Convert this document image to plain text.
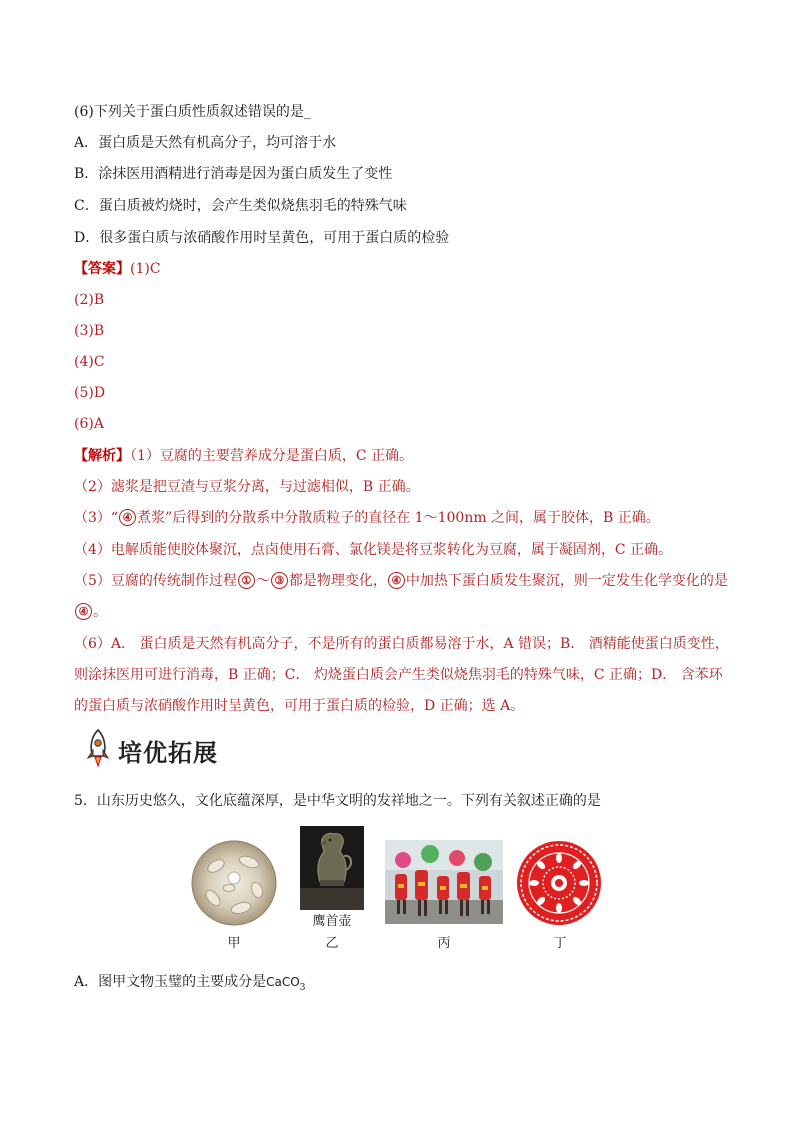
(6)下列关于蛋白质性质叙述错误的是_
A．蛋白质是天然有机高分子，均可溶于水
B．涂抹医用酒精进行消毒是因为蛋白质发生了变性
C．蛋白质被灼烧时，会产生类似烧焦羽毛的特殊气味
D．很多蛋白质与浓硝酸作用时呈黄色，可用于蛋白质的检验
【答案】(1)C
(2)B
(3)B
(4)C
(5)D
(6)A
【解析】（1）豆腐的主要营养成分是蛋白质，C 正确。
（2）滤浆是把豆渣与豆浆分离，与过滤相似，B 正确。
（3）“ ④ 煮浆”后得到的分散系中分散质粒子的直径在 1～100nm 之间，属于胶体，B 正确。
（4）电解质能使胶体聚沉，点卤使用石膏、氯化镁是将豆浆转化为豆腐，属于凝固剂，C 正确。
（5）豆腐的传统制作过程 ① ～ ③ 都是物理变化， ④ 中加热下蛋白质发生聚沉，则一定发生化学变化的是
④ 。
（6）A． 蛋白质是天然有机高分子，不是所有的蛋白质都易溶于水，A 错误；B． 酒精能使蛋白质变性，
则涂抹医用可进行消毒，B 正确；C． 灼烧蛋白质会产生类似烧焦羽毛的特殊气味，C 正确；D． 含苯环
的蛋白质与浓硝酸作用时呈黄色，可用于蛋白质的检验，D 正确；选 A。
培优拓展
5．山东历史悠久，文化底蕴深厚，是中华文明的发祥地之一。下列有关叙述正确的是
鹰首壶
甲	乙	丙	丁
A．图甲文物玉璧的主要成分是CaCO$_3$
